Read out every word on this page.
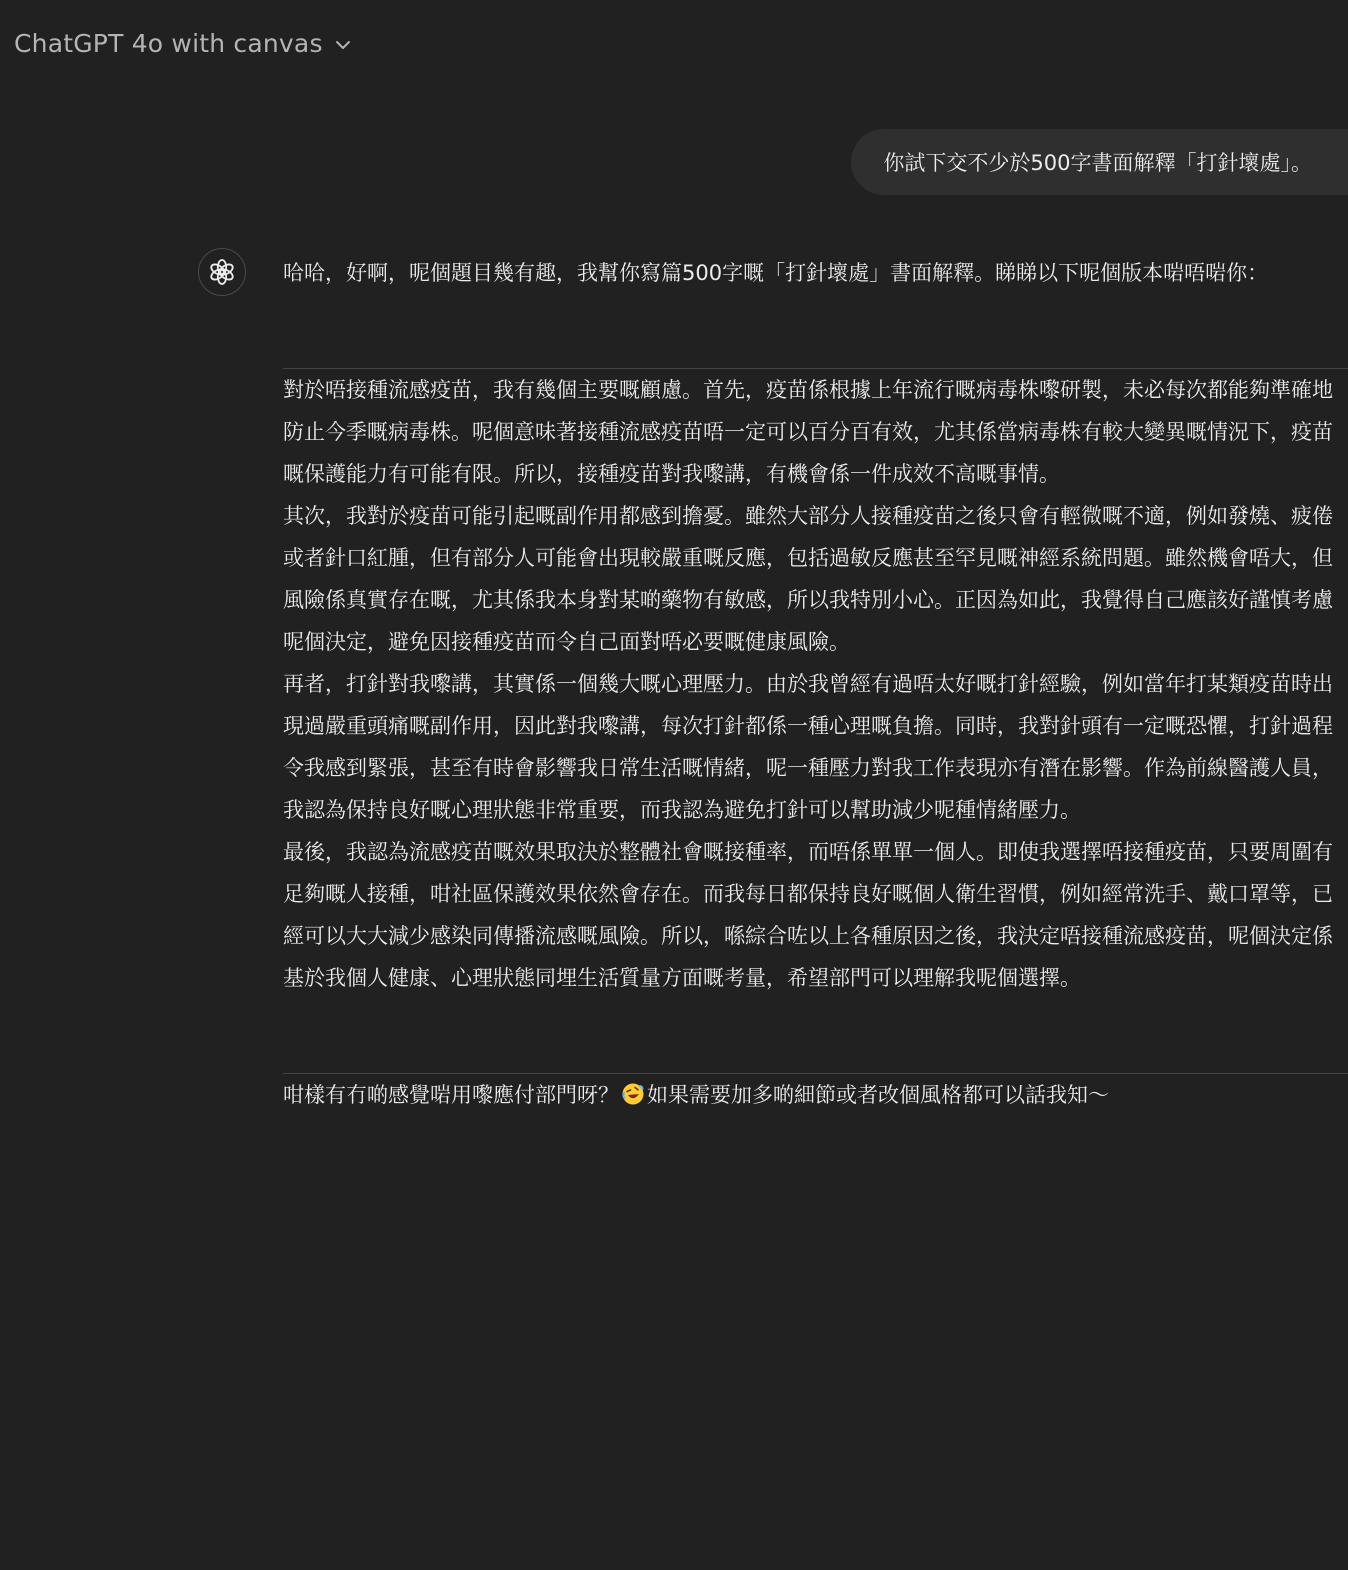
ChatGPT 4o with canvas
你試下交不少於500字書面解釋「打針壞處」。

哈哈，好啊，呢個題目幾有趣，我幫你寫篇500字嘅「打針壞處」書面解釋。睇睇以下呢個版本啱唔啱你：

對於唔接種流感疫苗，我有幾個主要嘅顧慮。首先，疫苗係根據上年流行嘅病毒株嚟研製，未必每次都能夠準確地防止今季嘅病毒株。呢個意味著接種流感疫苗唔一定可以百分百有效，尤其係當病毒株有較大變異嘅情況下，疫苗嘅保護能力有可能有限。所以，接種疫苗對我嚟講，有機會係一件成效不高嘅事情。

其次，我對於疫苗可能引起嘅副作用都感到擔憂。雖然大部分人接種疫苗之後只會有輕微嘅不適，例如發燒、疲倦或者針口紅腫，但有部分人可能會出現較嚴重嘅反應，包括過敏反應甚至罕見嘅神經系統問題。雖然機會唔大，但風險係真實存在嘅，尤其係我本身對某啲藥物有敏感，所以我特別小心。正因為如此，我覺得自己應該好謹慎考慮呢個決定，避免因接種疫苗而令自己面對唔必要嘅健康風險。

再者，打針對我嚟講，其實係一個幾大嘅心理壓力。由於我曾經有過唔太好嘅打針經驗，例如當年打某類疫苗時出現過嚴重頭痛嘅副作用，因此對我嚟講，每次打針都係一種心理嘅負擔。同時，我對針頭有一定嘅恐懼，打針過程令我感到緊張，甚至有時會影響我日常生活嘅情緒，呢一種壓力對我工作表現亦有潛在影響。作為前線醫護人員，我認為保持良好嘅心理狀態非常重要，而我認為避免打針可以幫助減少呢種情緒壓力。

最後，我認為流感疫苗嘅效果取決於整體社會嘅接種率，而唔係單單一個人。即使我選擇唔接種疫苗，只要周圍有足夠嘅人接種，咁社區保護效果依然會存在。而我每日都保持良好嘅個人衛生習慣，例如經常洗手、戴口罩等，已經可以大大減少感染同傳播流感嘅風險。所以，喺綜合咗以上各種原因之後，我決定唔接種流感疫苗，呢個決定係基於我個人健康、心理狀態同埋生活質量方面嘅考量，希望部門可以理解我呢個選擇。

咁樣有冇啲感覺啱用嚟應付部門呀？ 如果需要加多啲細節或者改個風格都可以話我知～
